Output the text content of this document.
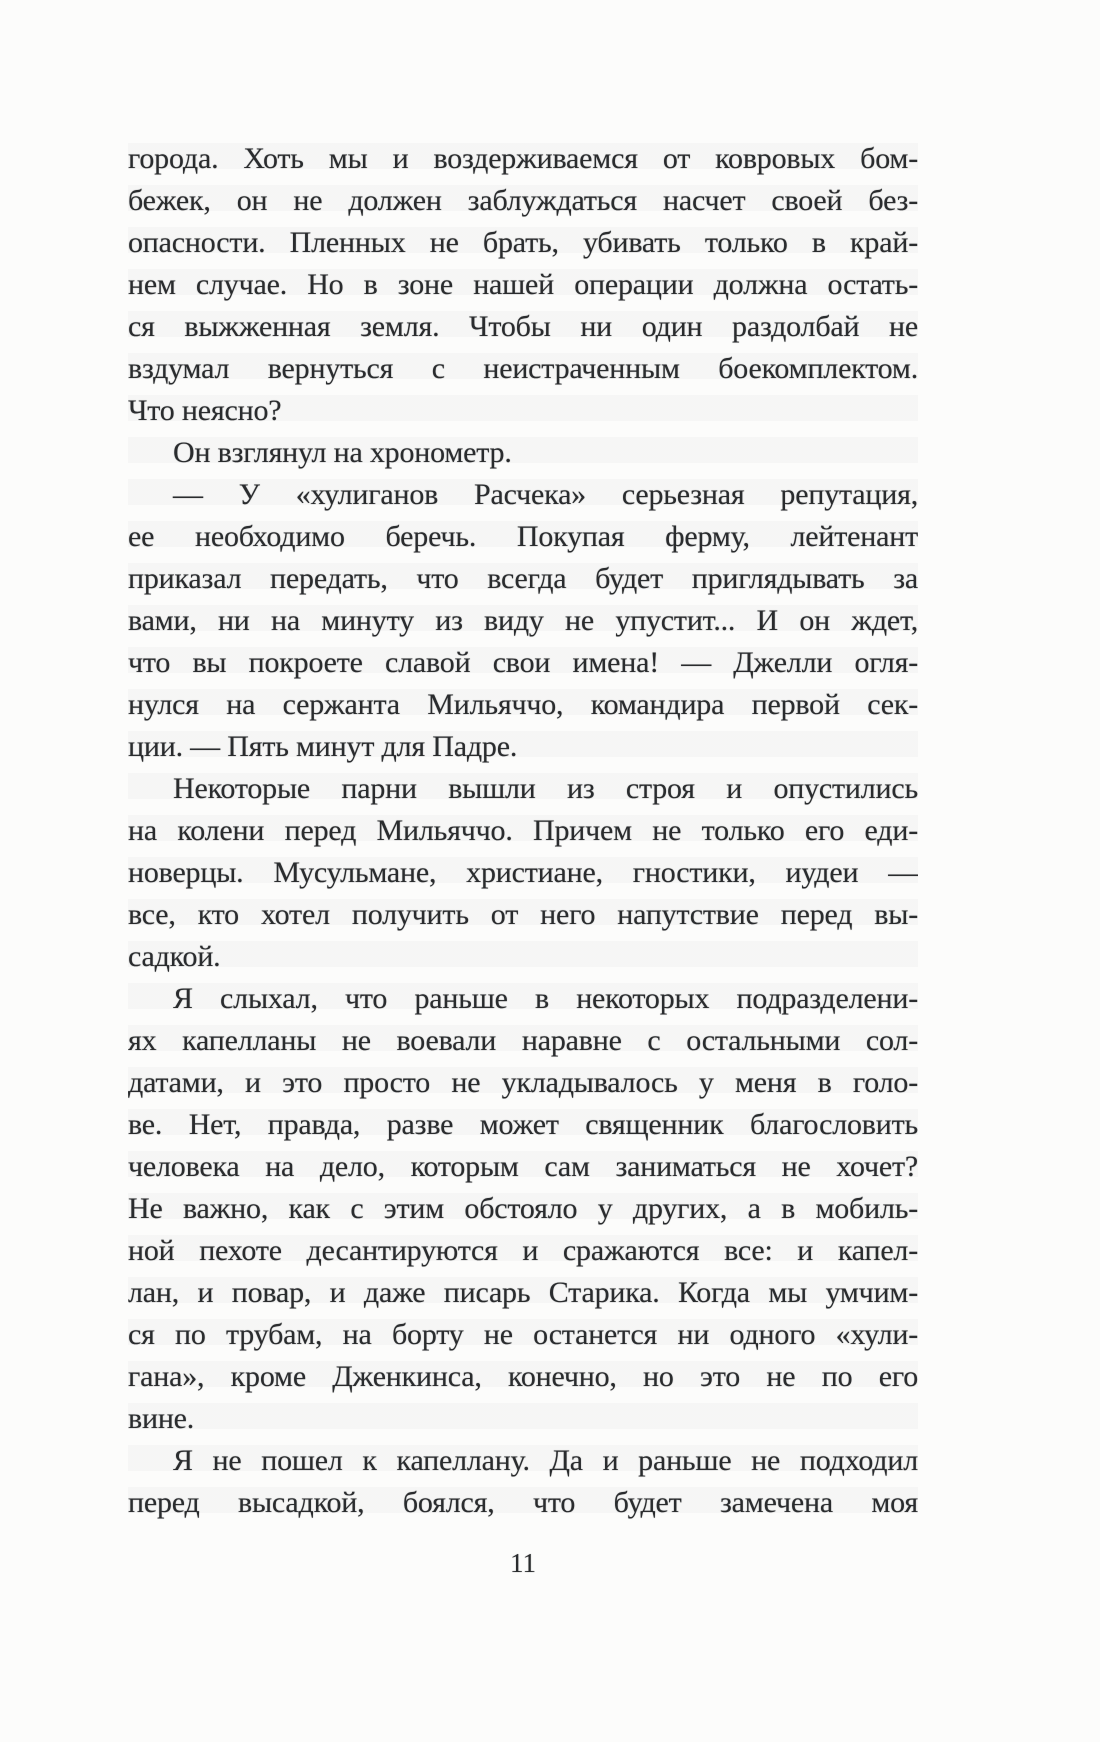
города. Хоть мы и воздерживаемся от ковровых бом-
бежек, он не должен заблуждаться насчет своей без-
опасности. Пленных не брать, убивать только в край-
нем случае. Но в зоне нашей операции должна остать-
ся выжженная земля. Чтобы ни один раздолбай не
вздумал вернуться с неистраченным боекомплектом.
Что неясно?
Он взглянул на хронометр.
— У «хулиганов Расчека» серьезная репутация,
ее необходимо беречь. Покупая ферму, лейтенант
приказал передать, что всегда будет приглядывать за
вами, ни на минуту из виду не упустит... И он ждет,
что вы покроете славой свои имена! — Джелли огля-
нулся на сержанта Мильяччо, командира первой сек-
ции. — Пять минут для Падре.
Некоторые парни вышли из строя и опустились
на колени перед Мильяччо. Причем не только его еди-
новерцы. Мусульмане, христиане, гностики, иудеи —
все, кто хотел получить от него напутствие перед вы-
садкой.
Я слыхал, что раньше в некоторых подразделени-
ях капелланы не воевали наравне с остальными сол-
датами, и это просто не укладывалось у меня в голо-
ве. Нет, правда, разве может священник благословить
человека на дело, которым сам заниматься не хочет?
Не важно, как с этим обстояло у других, а в мобиль-
ной пехоте десантируются и сражаются все: и капел-
лан, и повар, и даже писарь Старика. Когда мы умчим-
ся по трубам, на борту не останется ни одного «хули-
гана», кроме Дженкинса, конечно, но это не по его
вине.
Я не пошел к капеллану. Да и раньше не подходил
перед высадкой, боялся, что будет замечена моя
11
